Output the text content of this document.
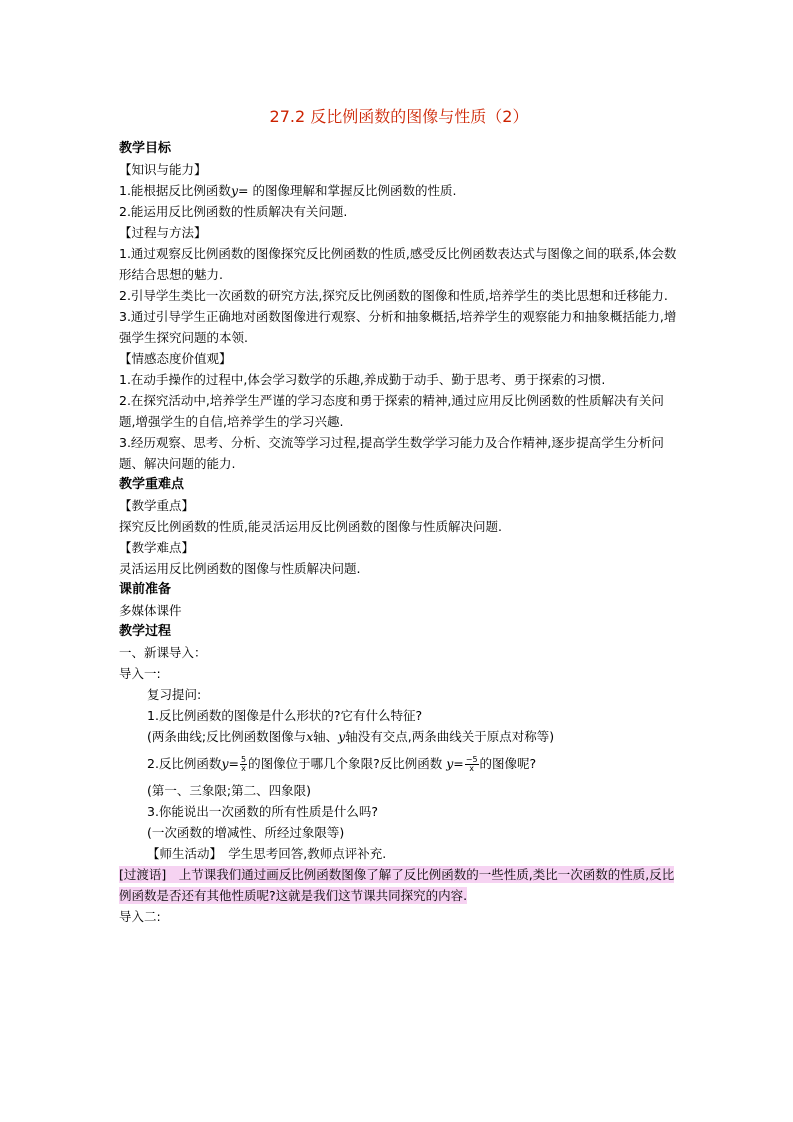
27.2 反比例函数的图像与性质（2）
教学目标
【知识与能力】
1.能根据反比例函数y= 的图像理解和掌握反比例函数的性质.
2.能运用反比例函数的性质解决有关问题.
【过程与方法】
1.通过观察反比例函数的图像探究反比例函数的性质,感受反比例函数表达式与图像之间的联系,体会数形结合思想的魅力.
2.引导学生类比一次函数的研究方法,探究反比例函数的图像和性质,培养学生的类比思想和迁移能力.
3.通过引导学生正确地对函数图像进行观察、分析和抽象概括,培养学生的观察能力和抽象概括能力,增强学生探究问题的本领.
【情感态度价值观】
1.在动手操作的过程中,体会学习数学的乐趣,养成勤于动手、勤于思考、勇于探索的习惯.
2.在探究活动中,培养学生严谨的学习态度和勇于探索的精神,通过应用反比例函数的性质解决有关问题,增强学生的自信,培养学生的学习兴趣.
3.经历观察、思考、分析、交流等学习过程,提高学生数学学习能力及合作精神,逐步提高学生分析问题、解决问题的能力.
教学重难点
【教学重点】
探究反比例函数的性质,能灵活运用反比例函数的图像与性质解决问题.
【教学难点】
灵活运用反比例函数的图像与性质解决问题.
课前准备
多媒体课件
教学过程
一、新课导入：
导入一:
复习提问:
1.反比例函数的图像是什么形状的?它有什么特征?
(两条曲线;反比例函数图像与x轴、y轴没有交点,两条曲线关于原点对称等)
2.反比例函数$y= \frac{5}{x}$ 的图像位于哪几个象限?反比例函数 $y= \frac{-5}{x}$ 的图像呢?
(第一、三象限;第二、四象限)
3.你能说出一次函数的所有性质是什么吗?
(一次函数的增减性、所经过象限等)
【师生活动】　学生思考回答,教师点评补充.
[过渡语]　上节课我们通过画反比例函数图像了解了反比例函数的一些性质,类比一次函数的性质,反比例函数是否还有其他性质呢?这就是我们这节课共同探究的内容.
导入二:
